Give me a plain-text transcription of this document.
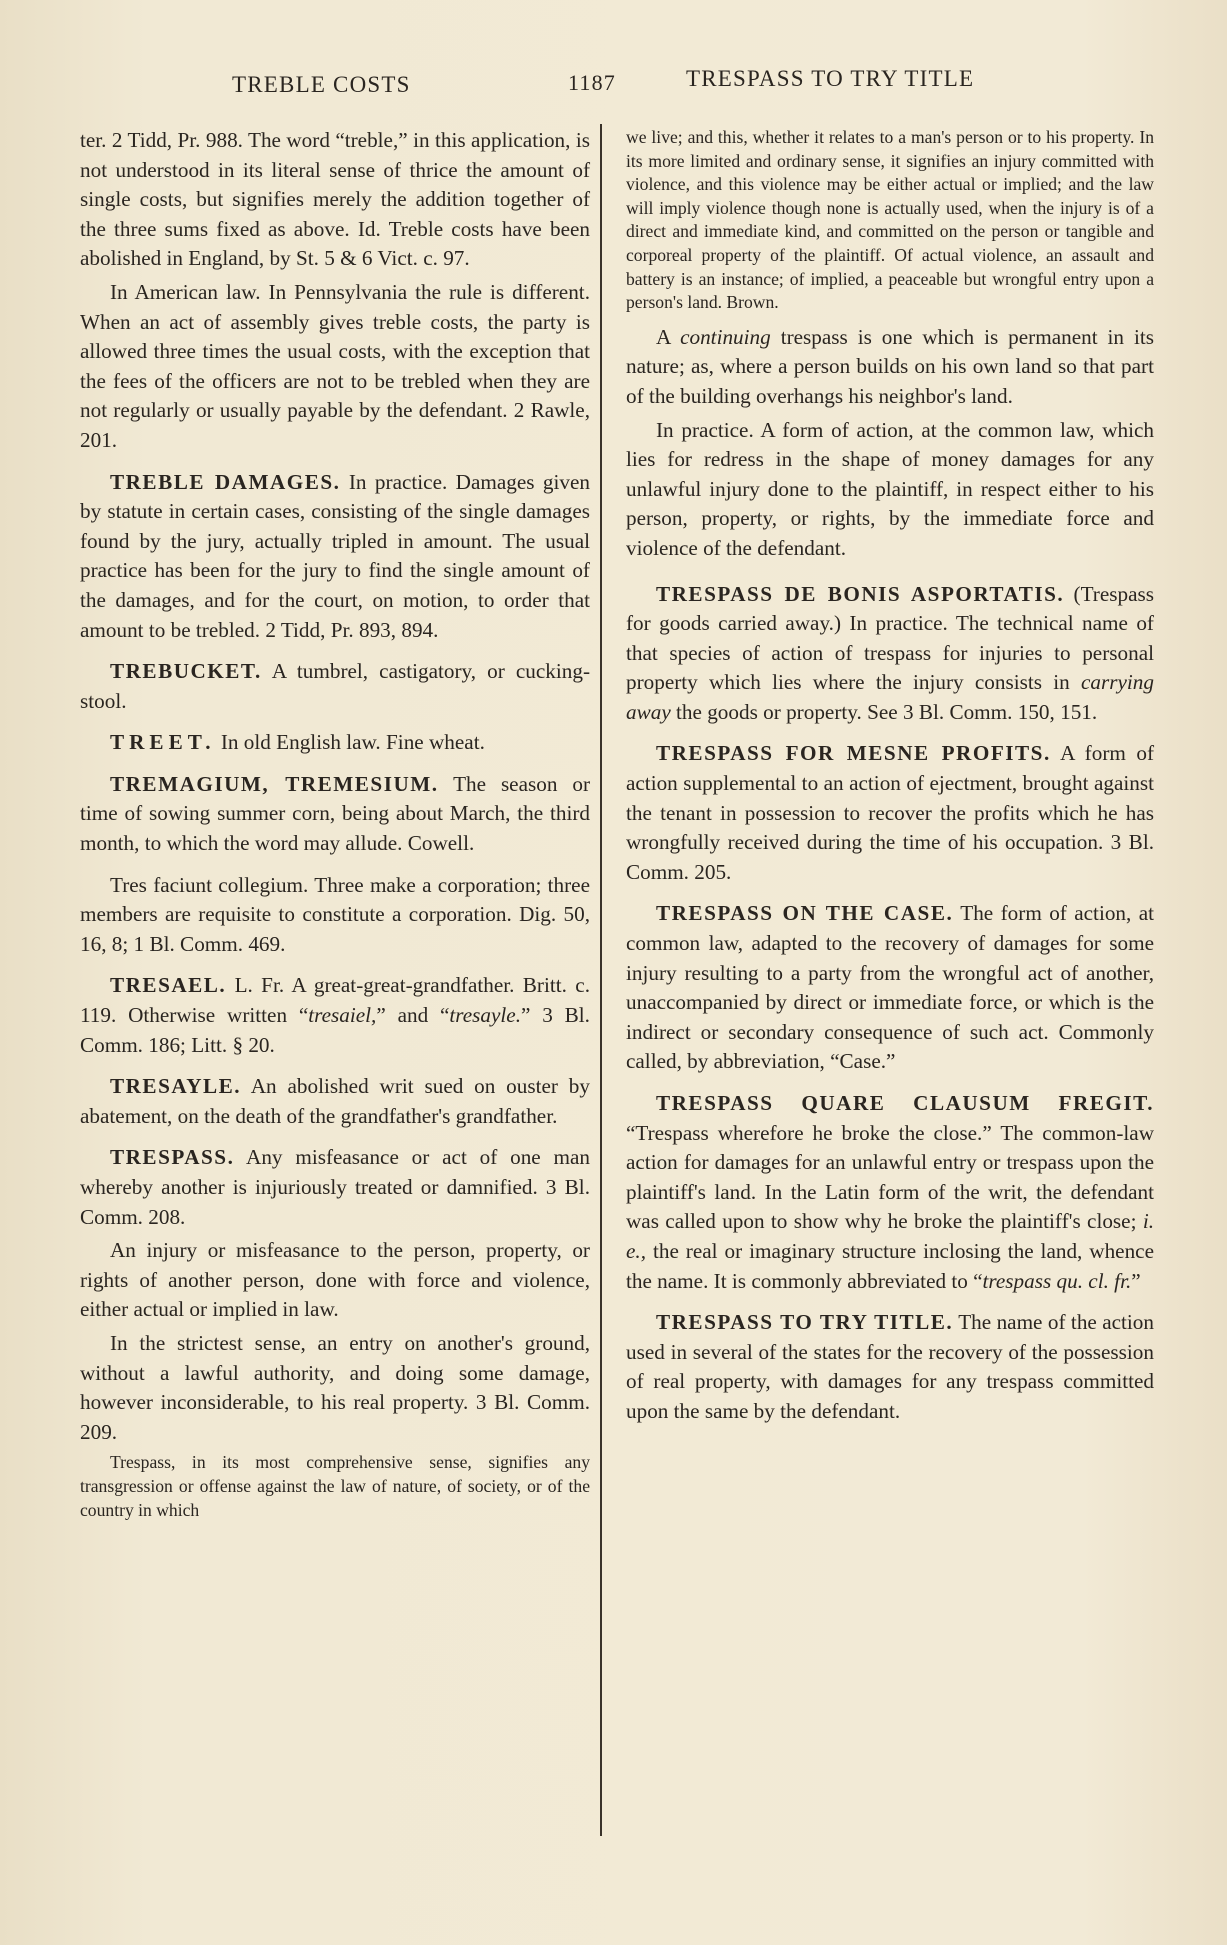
TREBLE COSTS	1187	TRESPASS TO TRY TITLE

ter. 2 Tidd, Pr. 988. The word “treble,” in this application, is not understood in its literal sense of thrice the amount of single costs, but signifies merely the addition together of the three sums fixed as above. Id. Treble costs have been abolished in England, by St. 5 & 6 Vict. c. 97.

In American law. In Pennsylvania the rule is different. When an act of assembly gives treble costs, the party is allowed three times the usual costs, with the exception that the fees of the officers are not to be trebled when they are not regularly or usually payable by the defendant. 2 Rawle, 201.

TREBLE DAMAGES. In practice. Damages given by statute in certain cases, consisting of the single damages found by the jury, actually tripled in amount. The usual practice has been for the jury to find the single amount of the damages, and for the court, on motion, to order that amount to be trebled. 2 Tidd, Pr. 893, 894.

TREBUCKET. A tumbrel, castigatory, or cucking-stool.

TREET. In old English law. Fine wheat.

TREMAGIUM, TREMESIUM. The season or time of sowing summer corn, being about March, the third month, to which the word may allude. Cowell.

Tres faciunt collegium. Three make a corporation; three members are requisite to constitute a corporation. Dig. 50, 16, 8; 1 Bl. Comm. 469.

TRESAEL. L. Fr. A great-great-grandfather. Britt. c. 119. Otherwise written “tresaiel,” and “tresayle.” 3 Bl. Comm. 186; Litt. § 20.

TRESAYLE. An abolished writ sued on ouster by abatement, on the death of the grandfather's grandfather.

TRESPASS. Any misfeasance or act of one man whereby another is injuriously treated or damnified. 3 Bl. Comm. 208.

An injury or misfeasance to the person, property, or rights of another person, done with force and violence, either actual or implied in law.

In the strictest sense, an entry on another's ground, without a lawful authority, and doing some damage, however inconsiderable, to his real property. 3 Bl. Comm. 209.

Trespass, in its most comprehensive sense, signifies any transgression or offense against the law of nature, of society, or of the country in which

we live; and this, whether it relates to a man's person or to his property. In its more limited and ordinary sense, it signifies an injury committed with violence, and this violence may be either actual or implied; and the law will imply violence though none is actually used, when the injury is of a direct and immediate kind, and committed on the person or tangible and corporeal property of the plaintiff. Of actual violence, an assault and battery is an instance; of implied, a peaceable but wrongful entry upon a person's land. Brown.

A continuing trespass is one which is permanent in its nature; as, where a person builds on his own land so that part of the building overhangs his neighbor's land.

In practice. A form of action, at the common law, which lies for redress in the shape of money damages for any unlawful injury done to the plaintiff, in respect either to his person, property, or rights, by the immediate force and violence of the defendant.

TRESPASS DE BONIS ASPORTATIS. (Trespass for goods carried away.) In practice. The technical name of that species of action of trespass for injuries to personal property which lies where the injury consists in carrying away the goods or property. See 3 Bl. Comm. 150, 151.

TRESPASS FOR MESNE PROFITS. A form of action supplemental to an action of ejectment, brought against the tenant in possession to recover the profits which he has wrongfully received during the time of his occupation. 3 Bl. Comm. 205.

TRESPASS ON THE CASE. The form of action, at common law, adapted to the recovery of damages for some injury resulting to a party from the wrongful act of another, unaccompanied by direct or immediate force, or which is the indirect or secondary consequence of such act. Commonly called, by abbreviation, “Case.”

TRESPASS QUARE CLAUSUM FREGIT. “Trespass wherefore he broke the close.” The common-law action for damages for an unlawful entry or trespass upon the plaintiff's land. In the Latin form of the writ, the defendant was called upon to show why he broke the plaintiff's close; i. e., the real or imaginary structure inclosing the land, whence the name. It is commonly abbreviated to “trespass qu. cl. fr.”

TRESPASS TO TRY TITLE. The name of the action used in several of the states for the recovery of the possession of real property, with damages for any trespass committed upon the same by the defendant.
